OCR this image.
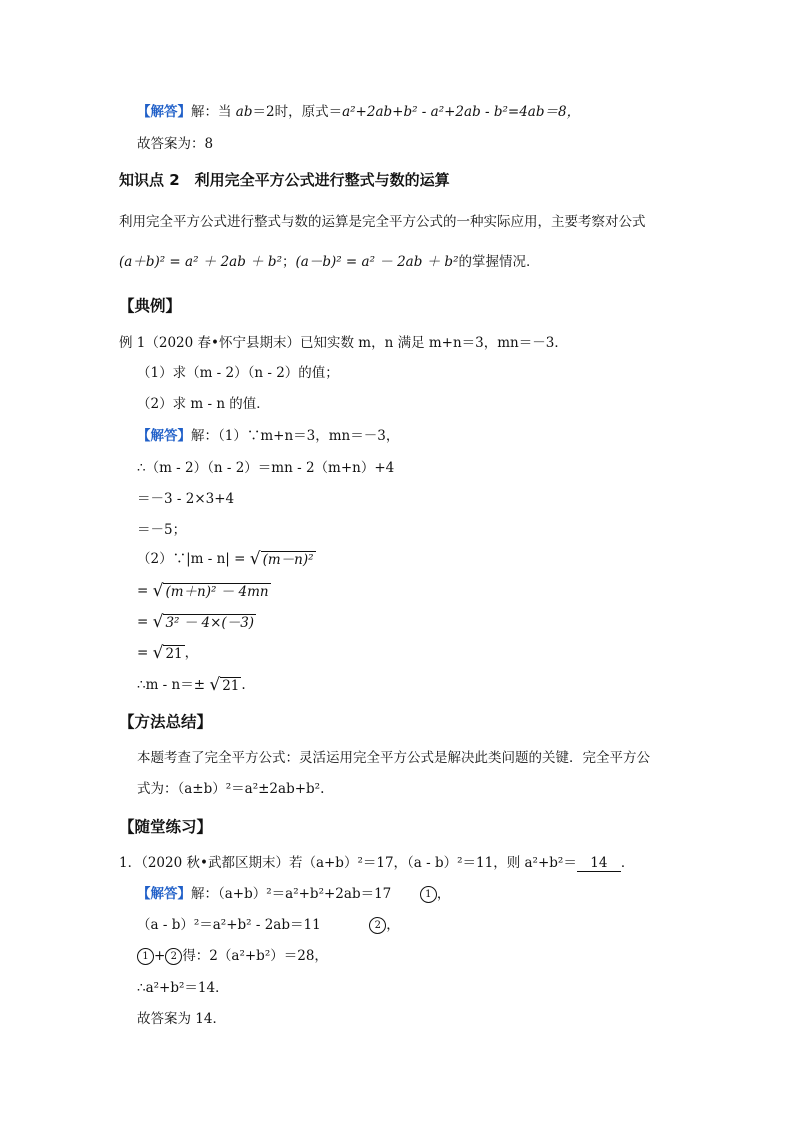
【解答】解：当 ab＝2时，原式＝a²+2ab+b² - a²+2ab - b²=4ab＝8，
故答案为：8
知识点 2　利用完全平方公式进行整式与数的运算
利用完全平方公式进行整式与数的运算是完全平方公式的一种实际应用，主要考察对公式
(a＋b)² = a² ＋ 2ab ＋ b²；(a－b)² = a² － 2ab ＋ b²的掌握情况.
【典例】
例 1（2020 春•怀宁县期末）已知实数 m，n 满足 m+n＝3，mn＝－3．
（1）求（m - 2）（n - 2）的值；
（2）求 m - n 的值．
【解答】解：（1）∵m+n＝3，mn＝－3，
∴（m - 2）（n - 2）＝mn - 2（m+n）+4
＝－3 - 2×3+4
＝－5；
（2）∵|m - n| = √ (m－n)²
= √ (m＋n)² － 4mn
= √ 3² － 4×(－3)
= √ 21 ，
∴m - n＝± √ 21 .
【方法总结】
本题考查了完全平方公式：灵活运用完全平方公式是解决此类问题的关键．完全平方公
式为：（a±b）²＝a²±2ab+b².
【随堂练习】
1．（2020 秋•武都区期末）若（a+b）²＝17，（a - b）²＝11，则 a²+b²＝ 14 ．
【解答】解：（a+b）²＝a²+b²+2ab＝17	1 ，
（a - b）²＝a²+b² - 2ab＝11	2 ，
1 + 2 得：2（a²+b²）＝28，
∴a²+b²＝14．
故答案为 14．
